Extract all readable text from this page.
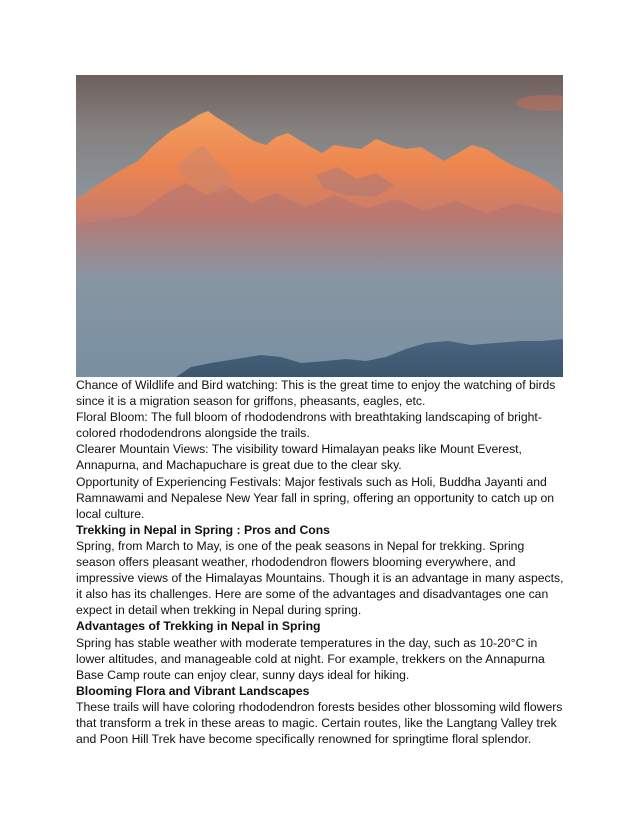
Chance of Wildlife and Bird watching: This is the great time to enjoy the watching of birds since it is a migration season for griffons, pheasants, eagles, etc.

Floral Bloom: The full bloom of rhododendrons with breathtaking landscaping of bright-colored rhododendrons alongside the trails.

Clearer Mountain Views: The visibility toward Himalayan peaks like Mount Everest, Annapurna, and Machapuchare is great due to the clear sky.

Opportunity of Experiencing Festivals: Major festivals such as Holi, Buddha Jayanti and Ramnawami and Nepalese New Year fall in spring, offering an opportunity to catch up on local culture.

Trekking in Nepal in Spring : Pros and Cons

Spring, from March to May, is one of the peak seasons in Nepal for trekking. Spring season offers pleasant weather, rhododendron flowers blooming everywhere, and impressive views of the Himalayas Mountains. Though it is an advantage in many aspects, it also has its challenges. Here are some of the advantages and disadvantages one can expect in detail when trekking in Nepal during spring.

Advantages of Trekking in Nepal in Spring

Spring has stable weather with moderate temperatures in the day, such as 10-20°C in lower altitudes, and manageable cold at night. For example, trekkers on the Annapurna Base Camp route can enjoy clear, sunny days ideal for hiking.

Blooming Flora and Vibrant Landscapes

These trails will have coloring rhododendron forests besides other blossoming wild flowers that transform a trek in these areas to magic. Certain routes, like the Langtang Valley trek and Poon Hill Trek have become specifically renowned for springtime floral splendor.
